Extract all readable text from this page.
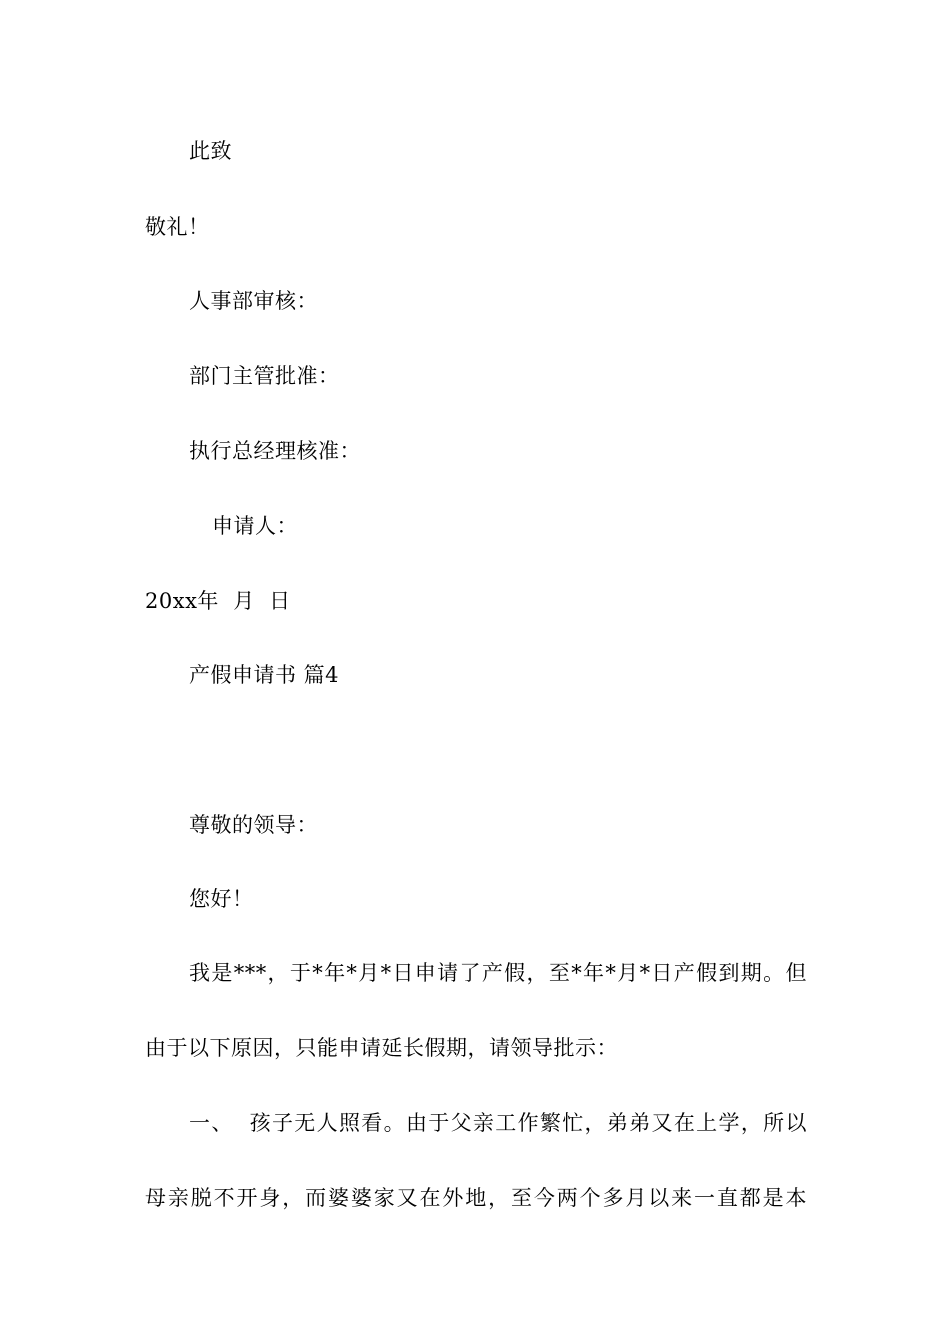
此致
敬礼！
人事部审核：
部门主管批准：
执行总经理核准：
申请人：
20xx年  月  日
产假申请书 篇4
尊敬的领导：
您好！
我是***，于*年*月*日申请了产假，至*年*月*日产假到期。但
由于以下原因，只能申请延长假期，请领导批示：
一、  孩子无人照看。由于父亲工作繁忙，弟弟又在上学，所以
母亲脱不开身，而婆婆家又在外地，至今两个多月以来一直都是本
